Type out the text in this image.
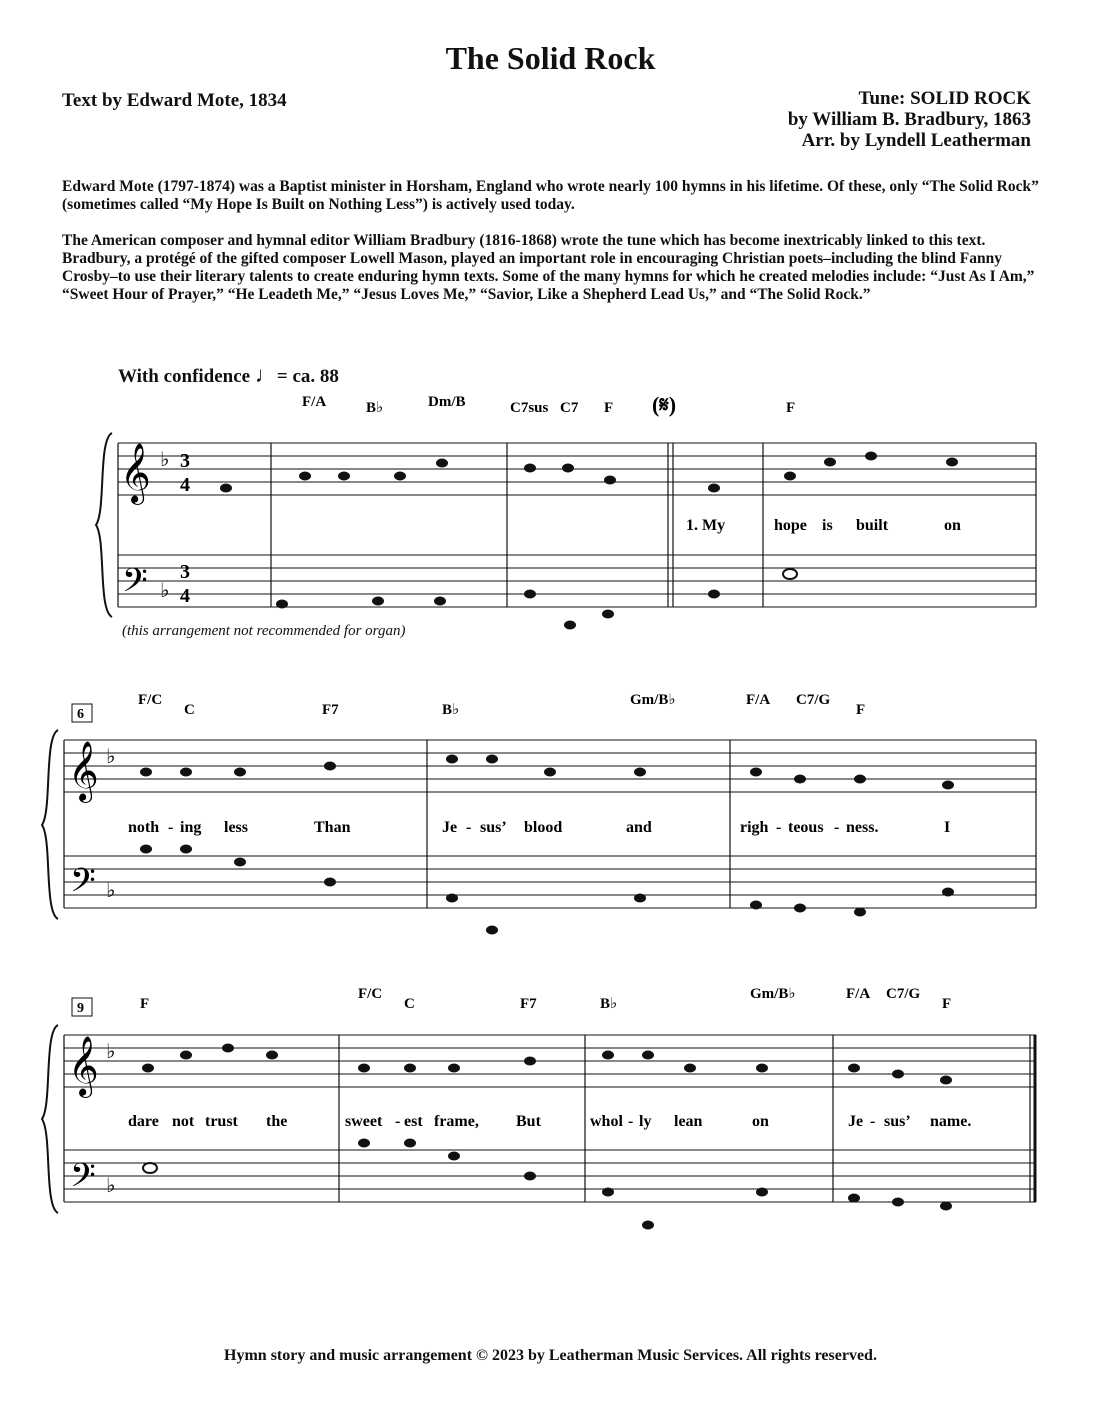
The Solid Rock
Text by Edward Mote, 1834	Tune: SOLID ROCK
by William B. Bradbury, 1863
Arr. by Lyndell Leatherman
Edward Mote (1797-1874) was a Baptist minister in Horsham, England who wrote nearly 100 hymns in his lifetime. Of these, only “The Solid Rock” (sometimes called “My Hope Is Built on Nothing Less”) is actively used today.
The American composer and hymnal editor William Bradbury (1816-1868) wrote the tune which has become inextricably linked to this text. Bradbury, a protégé of the gifted composer Lowell Mason, played an important role in encouraging Christian poets–including the blind Fanny Crosby–to use their literary talents to create enduring hymn texts. Some of the many hymns for which he created melodies include: “Just As I Am,” “Sweet Hour of Prayer,” “He Leadeth Me,” “Jesus Loves Me,” “Savior, Like a Shepherd Lead Us,” and “The Solid Rock.”
With confidence ♩= ca. 88
(this arrangement not recommended for organ)
𝄞
𝄢
♭
♭
3
4
3
4
(𝄋)
F/A	B♭	Dm/B	C7sus C7 F	F
1. My	hope is built	on
6
𝄞
𝄢
♭
♭
F/C
C	F7	B♭
Gm/B♭	F/A C7/G
F
noth - ing less	Than	Je - sus’ blood	and	righ - teous - ness.	I
9
𝄞
𝄢
♭
♭
F
F/C
C	F7	B♭
Gm/B♭	F/A C7/G
F
dare not trust the	sweet - est frame, But	whol - ly lean	on	Je - sus’ name.
Hymn story and music arrangement © 2023 by Leatherman Music Services. All rights reserved.
